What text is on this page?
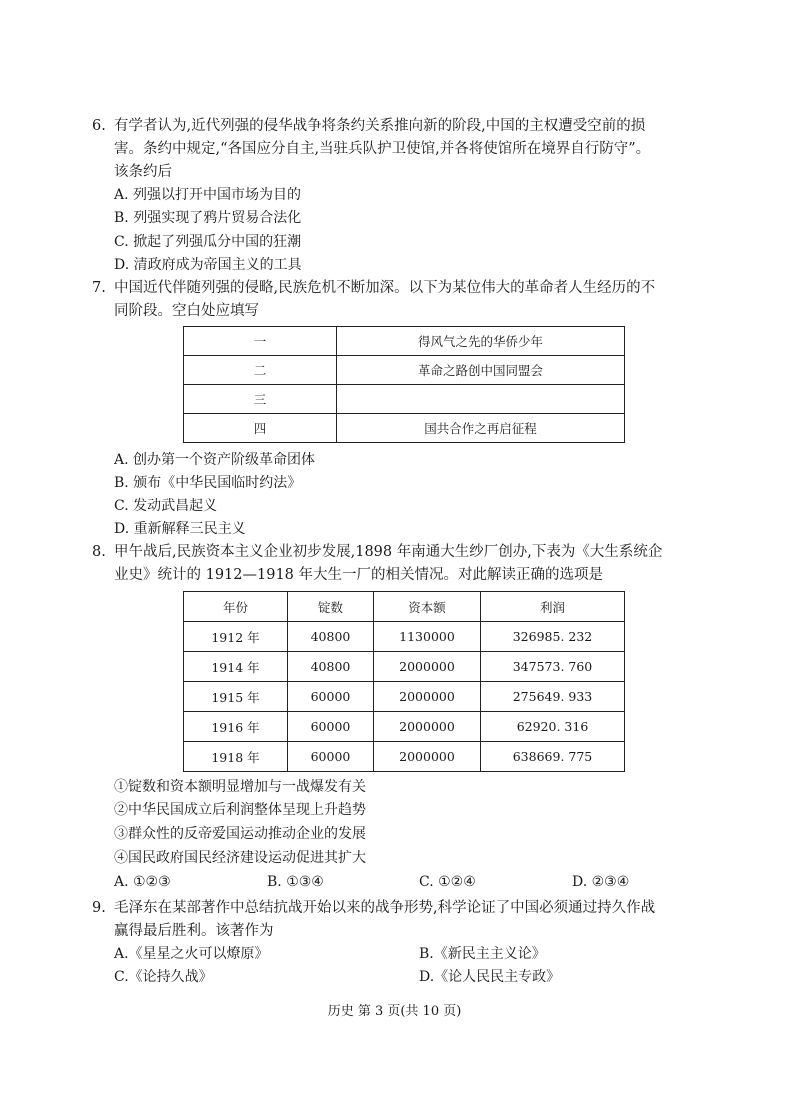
6. 有学者认为,近代列强的侵华战争将条约关系推向新的阶段,中国的主权遭受空前的损
害。条约中规定,“各国应分自主,当驻兵队护卫使馆,并各将使馆所在境界自行防守”。
该条约后
A. 列强以打开中国市场为目的
B. 列强实现了鸦片贸易合法化
C. 掀起了列强瓜分中国的狂潮
D. 清政府成为帝国主义的工具
7. 中国近代伴随列强的侵略,民族危机不断加深。以下为某位伟大的革命者人生经历的不
同阶段。空白处应填写
一	得风气之先的华侨少年
二	革命之路创中国同盟会
三	
四	国共合作之再启征程
A. 创办第一个资产阶级革命团体
B. 颁布《中华民国临时约法》
C. 发动武昌起义
D. 重新解释三民主义
8. 甲午战后,民族资本主义企业初步发展,1898 年南通大生纱厂创办,下表为《大生系统企
业史》统计的 1912—1918 年大生一厂的相关情况。对此解读正确的选项是
年份	锭数	资本额	利润
1912 年	40800	1130000	326985. 232
1914 年	40800	2000000	347573. 760
1915 年	60000	2000000	275649. 933
1916 年	60000	2000000	62920. 316
1918 年	60000	2000000	638669. 775
①锭数和资本额明显增加与一战爆发有关
②中华民国成立后利润整体呈现上升趋势
③群众性的反帝爱国运动推动企业的发展
④国民政府国民经济建设运动促进其扩大
A. ①②③	B. ①③④	C. ①②④	D. ②③④
9. 毛泽东在某部著作中总结抗战开始以来的战争形势,科学论证了中国必须通过持久作战
赢得最后胜利。该著作为
A.《星星之火可以燎原》	B.《新民主主义论》
C.《论持久战》	D.《论人民民主专政》
历史 第 3 页(共 10 页)
